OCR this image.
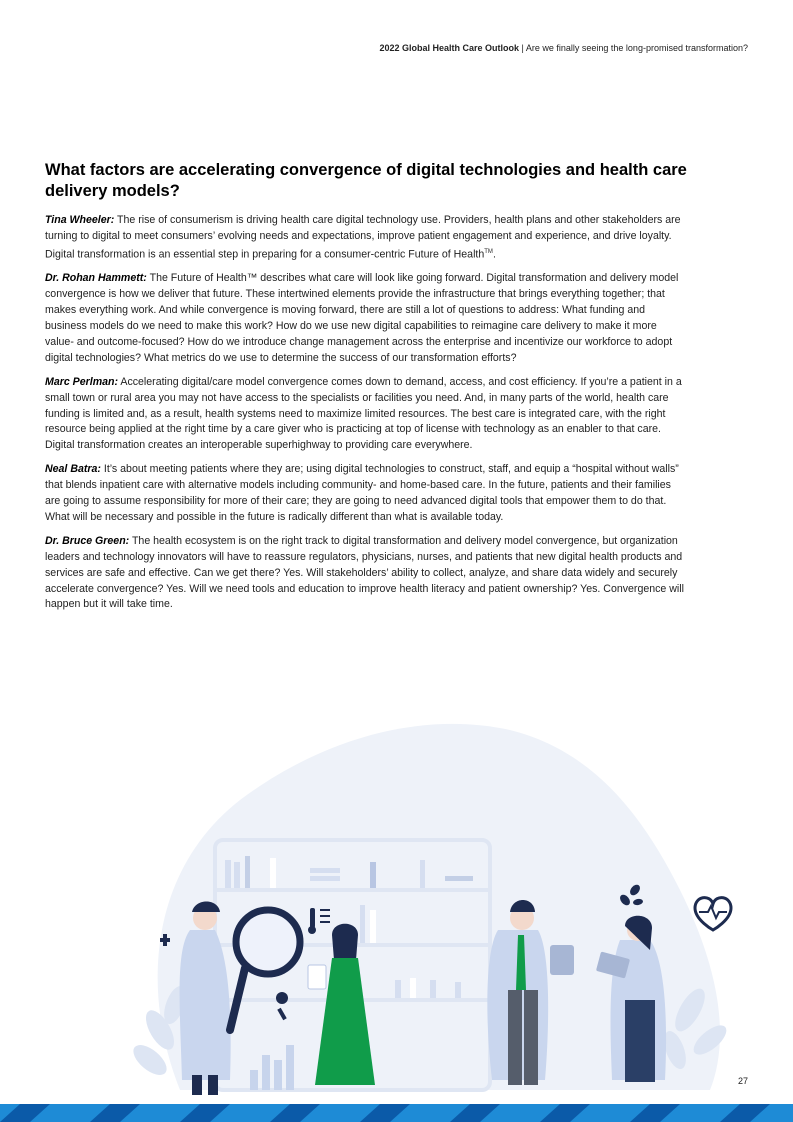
2022 Global Health Care Outlook | Are we finally seeing the long-promised transformation?
What factors are accelerating convergence of digital technologies and health care delivery models?

Tina Wheeler: The rise of consumerism is driving health care digital technology use. Providers, health plans and other stakeholders are turning to digital to meet consumers’ evolving needs and expectations, improve patient engagement and experience, and drive loyalty. Digital transformation is an essential step in preparing for a consumer-centric Future of Health™.

Dr. Rohan Hammett: The Future of Health™ describes what care will look like going forward. Digital transformation and delivery model convergence is how we deliver that future. These intertwined elements provide the infrastructure that brings everything together; that makes everything work. And while convergence is moving forward, there are still a lot of questions to address: What funding and business models do we need to make this work? How do we use new digital capabilities to reimagine care delivery to make it more value- and outcome-focused? How do we introduce change management across the enterprise and incentivize our workforce to adopt digital technologies? What metrics do we use to determine the success of our transformation efforts?

Marc Perlman: Accelerating digital/care model convergence comes down to demand, access, and cost efficiency. If you’re a patient in a small town or rural area you may not have access to the specialists or facilities you need. And, in many parts of the world, health care funding is limited and, as a result, health systems need to maximize limited resources. The best care is integrated care, with the right resource being applied at the right time by a care giver who is practicing at top of license with technology as an enabler to that care. Digital transformation creates an interoperable superhighway to providing care everywhere.

Neal Batra: It’s about meeting patients where they are; using digital technologies to construct, staff, and equip a “hospital without walls” that blends inpatient care with alternative models including community- and home-based care. In the future, patients and their families are going to assume responsibility for more of their care; they are going to need advanced digital tools that empower them to do that. What will be necessary and possible in the future is radically different than what is available today.

Dr. Bruce Green: The health ecosystem is on the right track to digital transformation and delivery model convergence, but organization leaders and technology innovators will have to reassure regulators, physicians, nurses, and patients that new digital health products and services are safe and effective. Can we get there? Yes. Will stakeholders’ ability to collect, analyze, and share data widely and securely accelerate convergence? Yes. Will we need tools and education to improve health literacy and patient ownership? Yes. Convergence will happen but it will take time.

27
